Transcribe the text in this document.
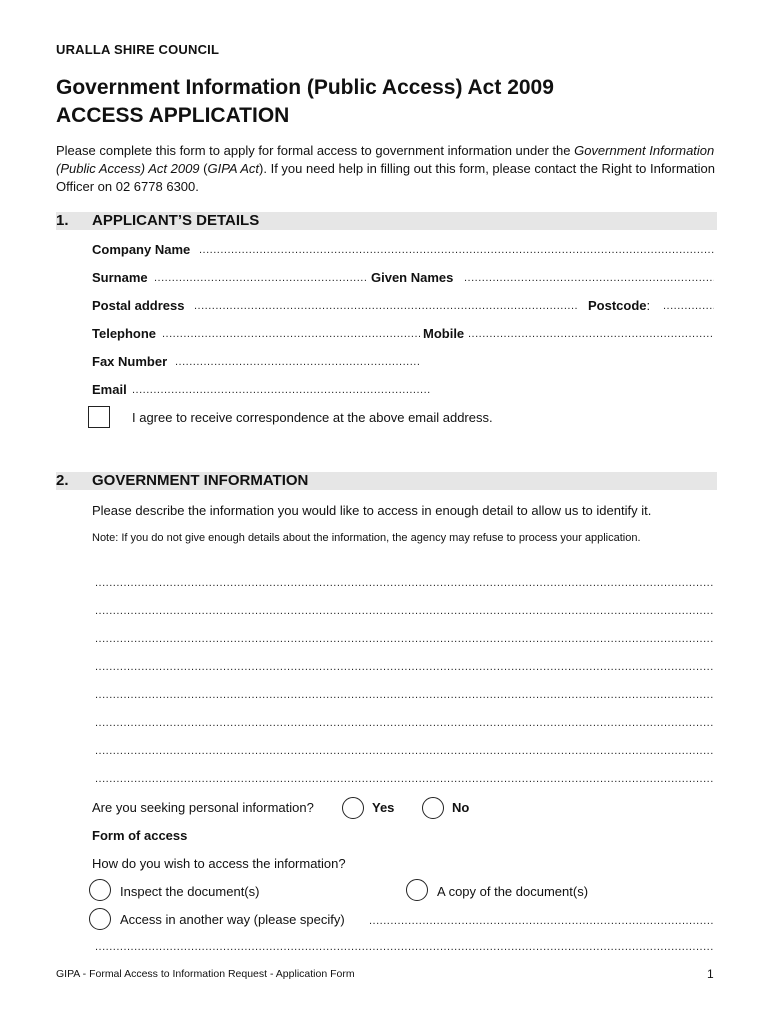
URALLA SHIRE COUNCIL
Government Information (Public Access) Act 2009
ACCESS APPLICATION
Please complete this form to apply for formal access to government information under the Government Information (Public Access) Act 2009 (GIPA Act). If you need help in filling out this form, please contact the Right to Information Officer on 02 6778 6300.
1. APPLICANT’S DETAILS
Company Name
.....
Surname .....	Given Names
.....
Postal address .....	Postcode:
.....
Telephone .....	Mobile
.....
Fax Number
.....
Email
.....
I agree to receive correspondence at the above email address.
2. GOVERNMENT INFORMATION
Please describe the information you would like to access in enough detail to allow us to identify it.
Note: If you do not give enough details about the information, the agency may refuse to process your application.
.....
.....
.....
.....
.....
.....
.....
.....
Are you seeking personal information?	Yes	No
Form of access
How do you wish to access the information?
Inspect the document(s)	A copy of the document(s)
Access in another way (please specify)
.....
.....
GIPA - Formal Access to Information Request - Application Form	1
